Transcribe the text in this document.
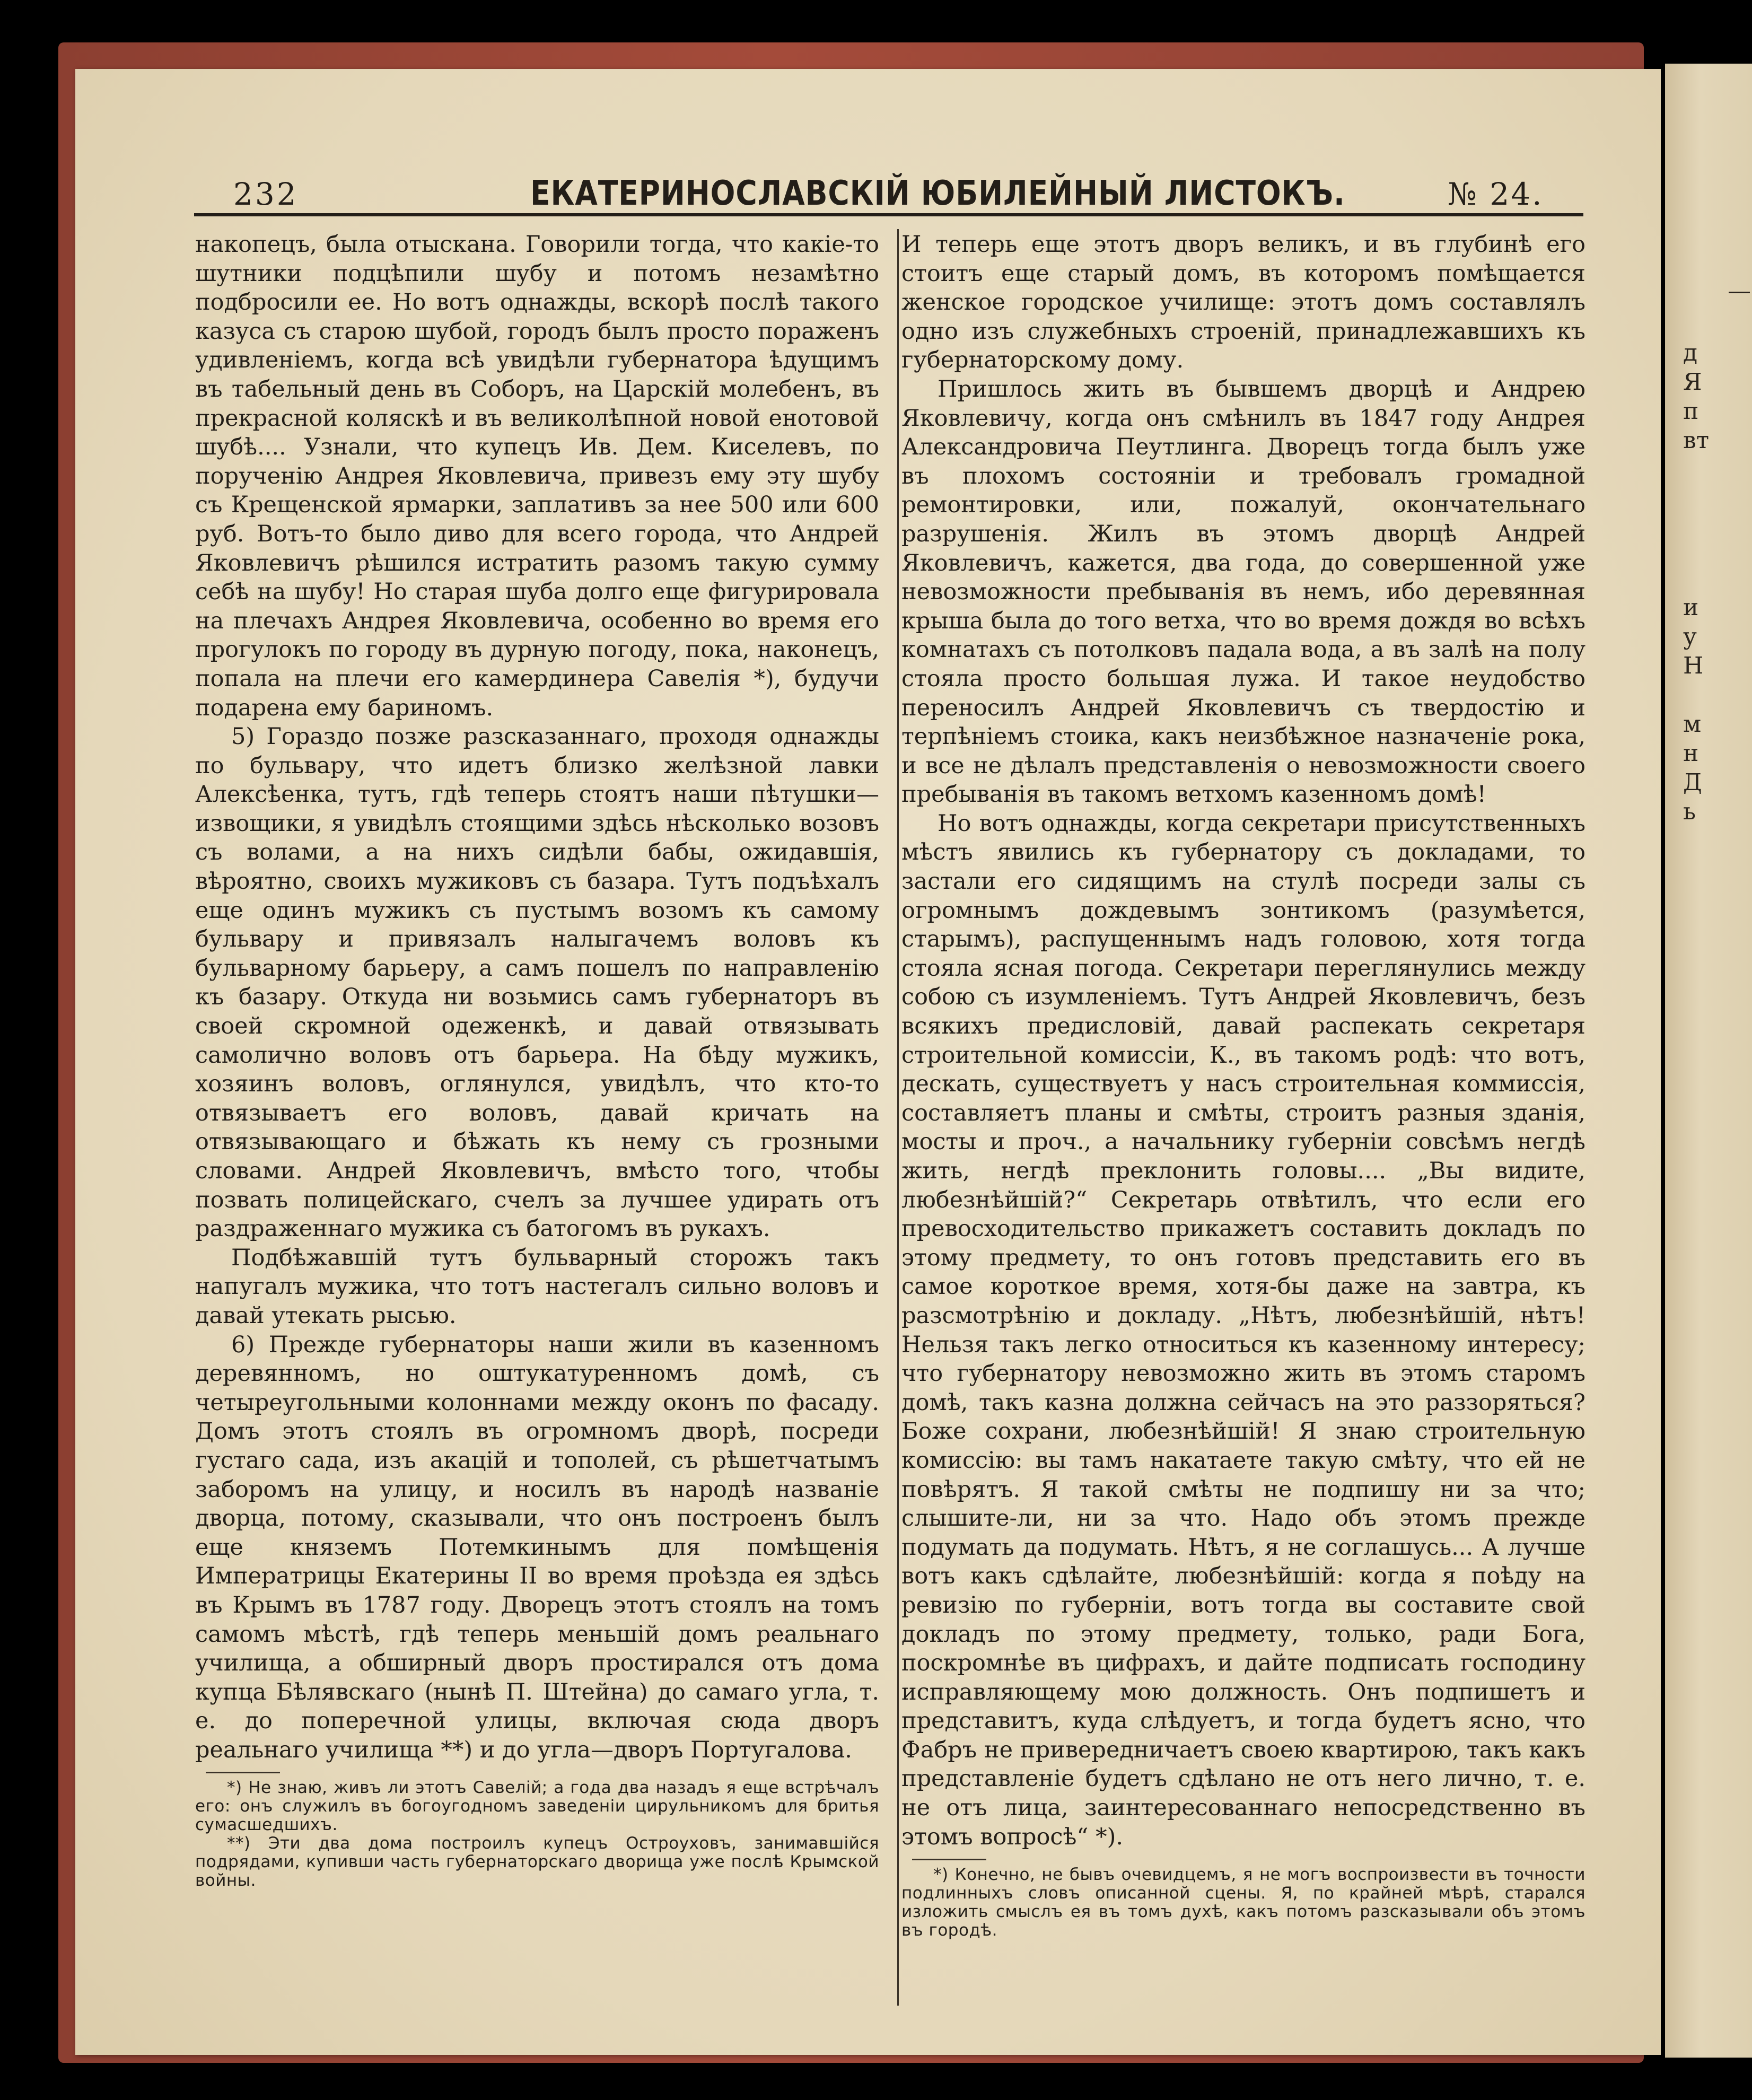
д
Я
п
вт
и
у
Н
м
н
Д
ь
232	ЕКАТЕРИНОСЛАВСКІЙ ЮБИЛЕЙНЫЙ ЛИСТОКЪ.	№ 24.

накопецъ, была отыскана. Говорили тогда, что какіе-то шутники подцѣпили шубу и потомъ незамѣтно подбросили ее. Но вотъ однажды, вскорѣ послѣ такого казуса съ старою шубой, городъ былъ просто пораженъ удивленіемъ, когда всѣ увидѣли губернатора ѣдущимъ въ табельный день въ Соборъ, на Царскій молебенъ, въ прекрасной коляскѣ и въ великолѣпной новой енотовой шубѣ.... Узнали, что купецъ Ив. Дем. Киселевъ, по порученію Андрея Яковлевича, привезъ ему эту шубу съ Крещенской ярмарки, заплативъ за нее 500 или 600 руб. Вотъ-то было диво для всего города, что Андрей Яковлевичъ рѣшился истратить разомъ такую сумму себѣ на шубу! Но старая шуба долго еще фигурировала на плечахъ Андрея Яковлевича, особенно во время его прогулокъ по городу въ дурную погоду, пока, наконецъ, попала на плечи его камердинера Савелія *), будучи подарена ему бариномъ.

5) Гораздо позже разсказаннаго, проходя однажды по бульвару, что идетъ близко желѣзной лавки Алексѣенка, тутъ, гдѣ теперь стоятъ наши пѣтушки—извощики, я увидѣлъ стоящими здѣсь нѣсколько возовъ съ волами, а на нихъ сидѣли бабы, ожидавшія, вѣроятно, своихъ мужиковъ съ базара. Тутъ подъѣхалъ еще одинъ мужикъ съ пустымъ возомъ къ самому бульвару и привязалъ налыгачемъ воловъ къ бульварному барьеру, а самъ пошелъ по направленію къ базару. Откуда ни возьмись самъ губернаторъ въ своей скромной одеженкѣ, и давай отвязывать самолично воловъ отъ барьера. На бѣду мужикъ, хозяинъ воловъ, оглянулся, увидѣлъ, что кто-то отвязываетъ его воловъ, давай кричать на отвязывающаго и бѣжать къ нему съ грозными словами. Андрей Яковлевичъ, вмѣсто того, чтобы позвать полицейскаго, счелъ за лучшее удирать отъ раздраженнаго мужика съ батогомъ въ рукахъ.

Подбѣжавшій тутъ бульварный сторожъ такъ напугалъ мужика, что тотъ настегалъ сильно воловъ и давай утекать рысью.

6) Прежде губернаторы наши жили въ казенномъ деревянномъ, но оштукатуренномъ домѣ, съ четыреугольными колоннами между оконъ по фасаду. Домъ этотъ стоялъ въ огромномъ дворѣ, посреди густаго сада, изъ акацій и тополей, съ рѣшетчатымъ заборомъ на улицу, и носилъ въ народѣ названіе дворца, потому, сказывали, что онъ построенъ былъ еще княземъ Потемкинымъ для помѣщенія Императрицы Екатерины II во время проѣзда ея здѣсь въ Крымъ въ 1787 году. Дворецъ этотъ стоялъ на томъ самомъ мѣстѣ, гдѣ теперь меньшій домъ реальнаго училища, а обширный дворъ простирался отъ дома купца Бѣлявскаго (нынѣ П. Штейна) до самаго угла, т. е. до поперечной улицы, включая сюда дворъ реальнаго училища **) и до угла—дворъ Португалова.

*) Не знаю, живъ ли этотъ Савелій; а года два назадъ я еще встрѣчалъ его: онъ служилъ въ богоугодномъ заведеніи цирульникомъ для бритья сумасшедшихъ.

**) Эти два дома построилъ купецъ Остроуховъ, занимавшійся подрядами, купивши часть губернаторскаго дворища уже послѣ Крымской войны.

И теперь еще этотъ дворъ великъ, и въ глубинѣ его стоитъ еще старый домъ, въ которомъ помѣщается женское городское училище: этотъ домъ составлялъ одно изъ служебныхъ строеній, принадлежавшихъ къ губернаторскому дому.

Пришлось жить въ бывшемъ дворцѣ и Андрею Яковлевичу, когда онъ смѣнилъ въ 1847 году Андрея Александровича Пеутлинга. Дворецъ тогда былъ уже въ плохомъ состояніи и требовалъ громадной ремонтировки, или, пожалуй, окончательнаго разрушенія. Жилъ въ этомъ дворцѣ Андрей Яковлевичъ, кажется, два года, до совершенной уже невозможности пребыванія въ немъ, ибо деревянная крыша была до того ветха, что во время дождя во всѣхъ комнатахъ съ потолковъ падала вода, а въ залѣ на полу стояла просто большая лужа. И такое неудобство переносилъ Андрей Яковлевичъ съ твердостію и терпѣніемъ стоика, какъ неизбѣжное назначеніе рока, и все не дѣлалъ представленія о невозможности своего пребыванія въ такомъ ветхомъ казенномъ домѣ!

Но вотъ однажды, когда секретари присутственныхъ мѣстъ явились къ губернатору съ докладами, то застали его сидящимъ на стулѣ посреди залы съ огромнымъ дождевымъ зонтикомъ (разумѣется, старымъ), распущеннымъ надъ головою, хотя тогда стояла ясная погода. Секретари переглянулись между собою съ изумленіемъ. Тутъ Андрей Яковлевичъ, безъ всякихъ предисловій, давай распекать секретаря строительной комиссіи, К., въ такомъ родѣ: что вотъ, дескать, существуетъ у насъ строительная коммиссія, составляетъ планы и смѣты, строитъ разныя зданія, мосты и проч., а начальнику губерніи совсѣмъ негдѣ жить, негдѣ преклонить головы.... „Вы видите, любезнѣйшій?“ Секретарь отвѣтилъ, что если его превосходительство прикажетъ составить докладъ по этому предмету, то онъ готовъ представить его въ самое короткое время, хотя-бы даже на завтра, къ разсмотрѣнію и докладу. „Нѣтъ, любезнѣйшій, нѣтъ! Нельзя такъ легко относиться къ казенному интересу; что губернатору невозможно жить въ этомъ старомъ домѣ, такъ казна должна сейчасъ на это раззоряться? Боже сохрани, любезнѣйшій! Я знаю строительную комиссію: вы тамъ накатаете такую смѣту, что ей не повѣрятъ. Я такой смѣты не подпишу ни за что; слышите-ли, ни за что. Надо объ этомъ прежде подумать да подумать. Нѣтъ, я не соглашусь... А лучше вотъ какъ сдѣлайте, любезнѣйшій: когда я поѣду на ревизію по губерніи, вотъ тогда вы составите свой докладъ по этому предмету, только, ради Бога, поскромнѣе въ цифрахъ, и дайте подписать господину исправляющему мою должность. Онъ подпишетъ и представитъ, куда слѣдуетъ, и тогда будетъ ясно, что Фабръ не привередничаетъ своею квартирою, такъ какъ представленіе будетъ сдѣлано не отъ него лично, т. е. не отъ лица, заинтересованнаго непосредственно въ этомъ вопросѣ“ *).

*) Конечно, не бывъ очевидцемъ, я не могъ воспроизвести въ точности подлинныхъ словъ описанной сцены. Я, по крайней мѣрѣ, старался изложить смыслъ ея въ томъ духѣ, какъ потомъ разсказывали объ этомъ въ городѣ.
